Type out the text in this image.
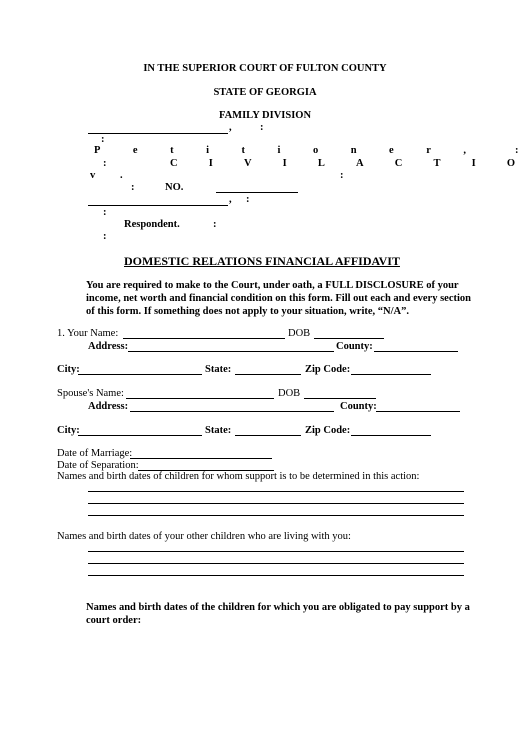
IN THE SUPERIOR COURT OF FULTON COUNTY
STATE OF GEORGIA
FAMILY DIVISION
,	:
:
P	e	t	i	t	i	o	n	e	r	,	:
:	C	I	V	I	L	A	C	T	I	O
v .	:
:	NO.
, :
:
Respondent.	:
:
DOMESTIC RELATIONS FINANCIAL AFFIDAVIT
You are required to make to the Court, under oath, a FULL DISCLOSURE of your income, net worth and financial condition on this form. Fill out each and every section of this form. If something does not apply to your situation, write, “N/A”.
1. Your Name:	DOB
Address:	County:
City:	State:	Zip Code:
Spouse's Name:	DOB
Address:	County:
City:	State:	Zip Code:
Date of Marriage:
Date of Separation:
Names and birth dates of children for whom support is to be determined in this action:
Names and birth dates of your other children who are living with you:
Names and birth dates of the children for which you are obligated to pay support by a court order:
